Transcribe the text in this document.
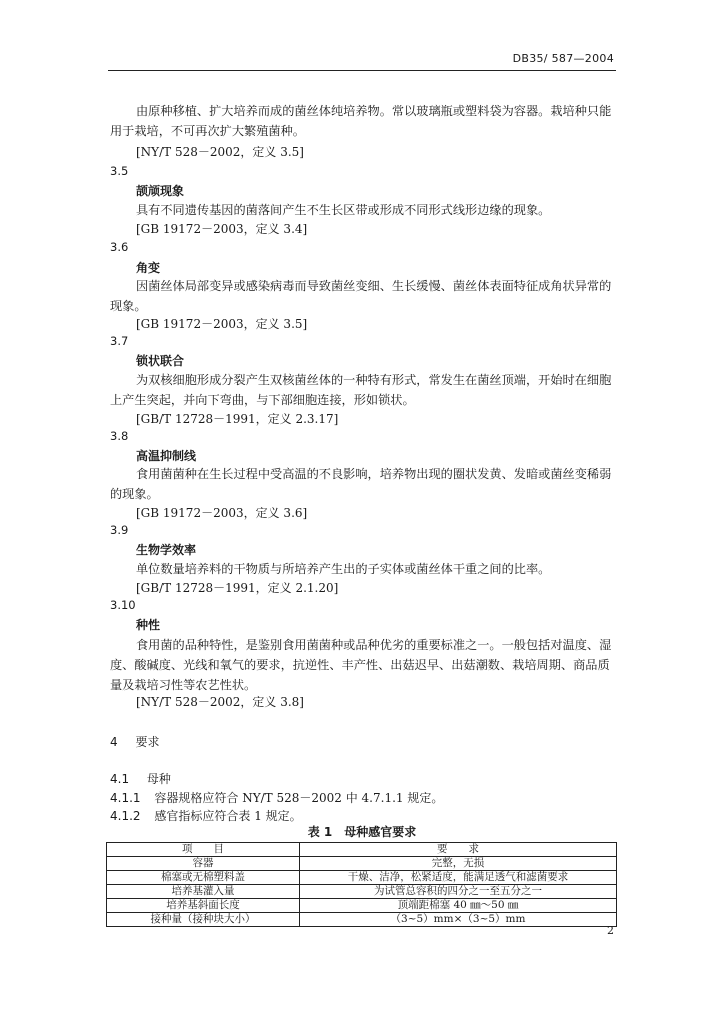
DB35/ 587—2004
由原种移植、扩大培养而成的菌丝体纯培养物。常以玻璃瓶或塑料袋为容器。栽培种只能用于栽培，不可再次扩大繁殖菌种。
[NY/T 528－2002，定义 3.5]
3.5
颉颃现象
具有不同遗传基因的菌落间产生不生长区带或形成不同形式线形边缘的现象。
[GB 19172－2003，定义 3.4]
3.6
角变
因菌丝体局部变异或感染病毒而导致菌丝变细、生长缓慢、菌丝体表面特征成角状异常的现象。
[GB 19172－2003，定义 3.5]
3.7
锁状联合
为双核细胞形成分裂产生双核菌丝体的一种特有形式，常发生在菌丝顶端，开始时在细胞上产生突起，并向下弯曲，与下部细胞连接，形如锁状。
[GB/T 12728－1991，定义 2.3.17]
3.8
高温抑制线
食用菌菌种在生长过程中受高温的不良影响，培养物出现的圈状发黄、发暗或菌丝变稀弱的现象。
[GB 19172－2003，定义 3.6]
3.9
生物学效率
单位数量培养料的干物质与所培养产生出的子实体或菌丝体干重之间的比率。
[GB/T 12728－1991，定义 2.1.20]
3.10
种性
食用菌的品种特性，是鉴别食用菌菌种或品种优劣的重要标准之一。一般包括对温度、湿度、酸碱度、光线和氧气的要求，抗逆性、丰产性、出菇迟早、出菇潮数、栽培周期、商品质量及栽培习性等农艺性状。
[NY/T 528－2002，定义 3.8]
4 要求
4.1 母种
4.1.1 容器规格应符合 NY/T 528－2002 中 4.7.1.1 规定。
4.1.2 感官指标应符合表 1 规定。
表 1　母种感官要求
项　　目	要　　求
容器	完整，无损
棉塞或无棉塑料盖	干燥、洁净，松紧适度，能满足透气和滤菌要求
培养基灌入量	为试管总容积的四分之一至五分之一
培养基斜面长度	顶端距棉塞 40 ㎜～50 ㎜
接种量（接种块大小）	（3~5）mm×（3~5）mm
2
